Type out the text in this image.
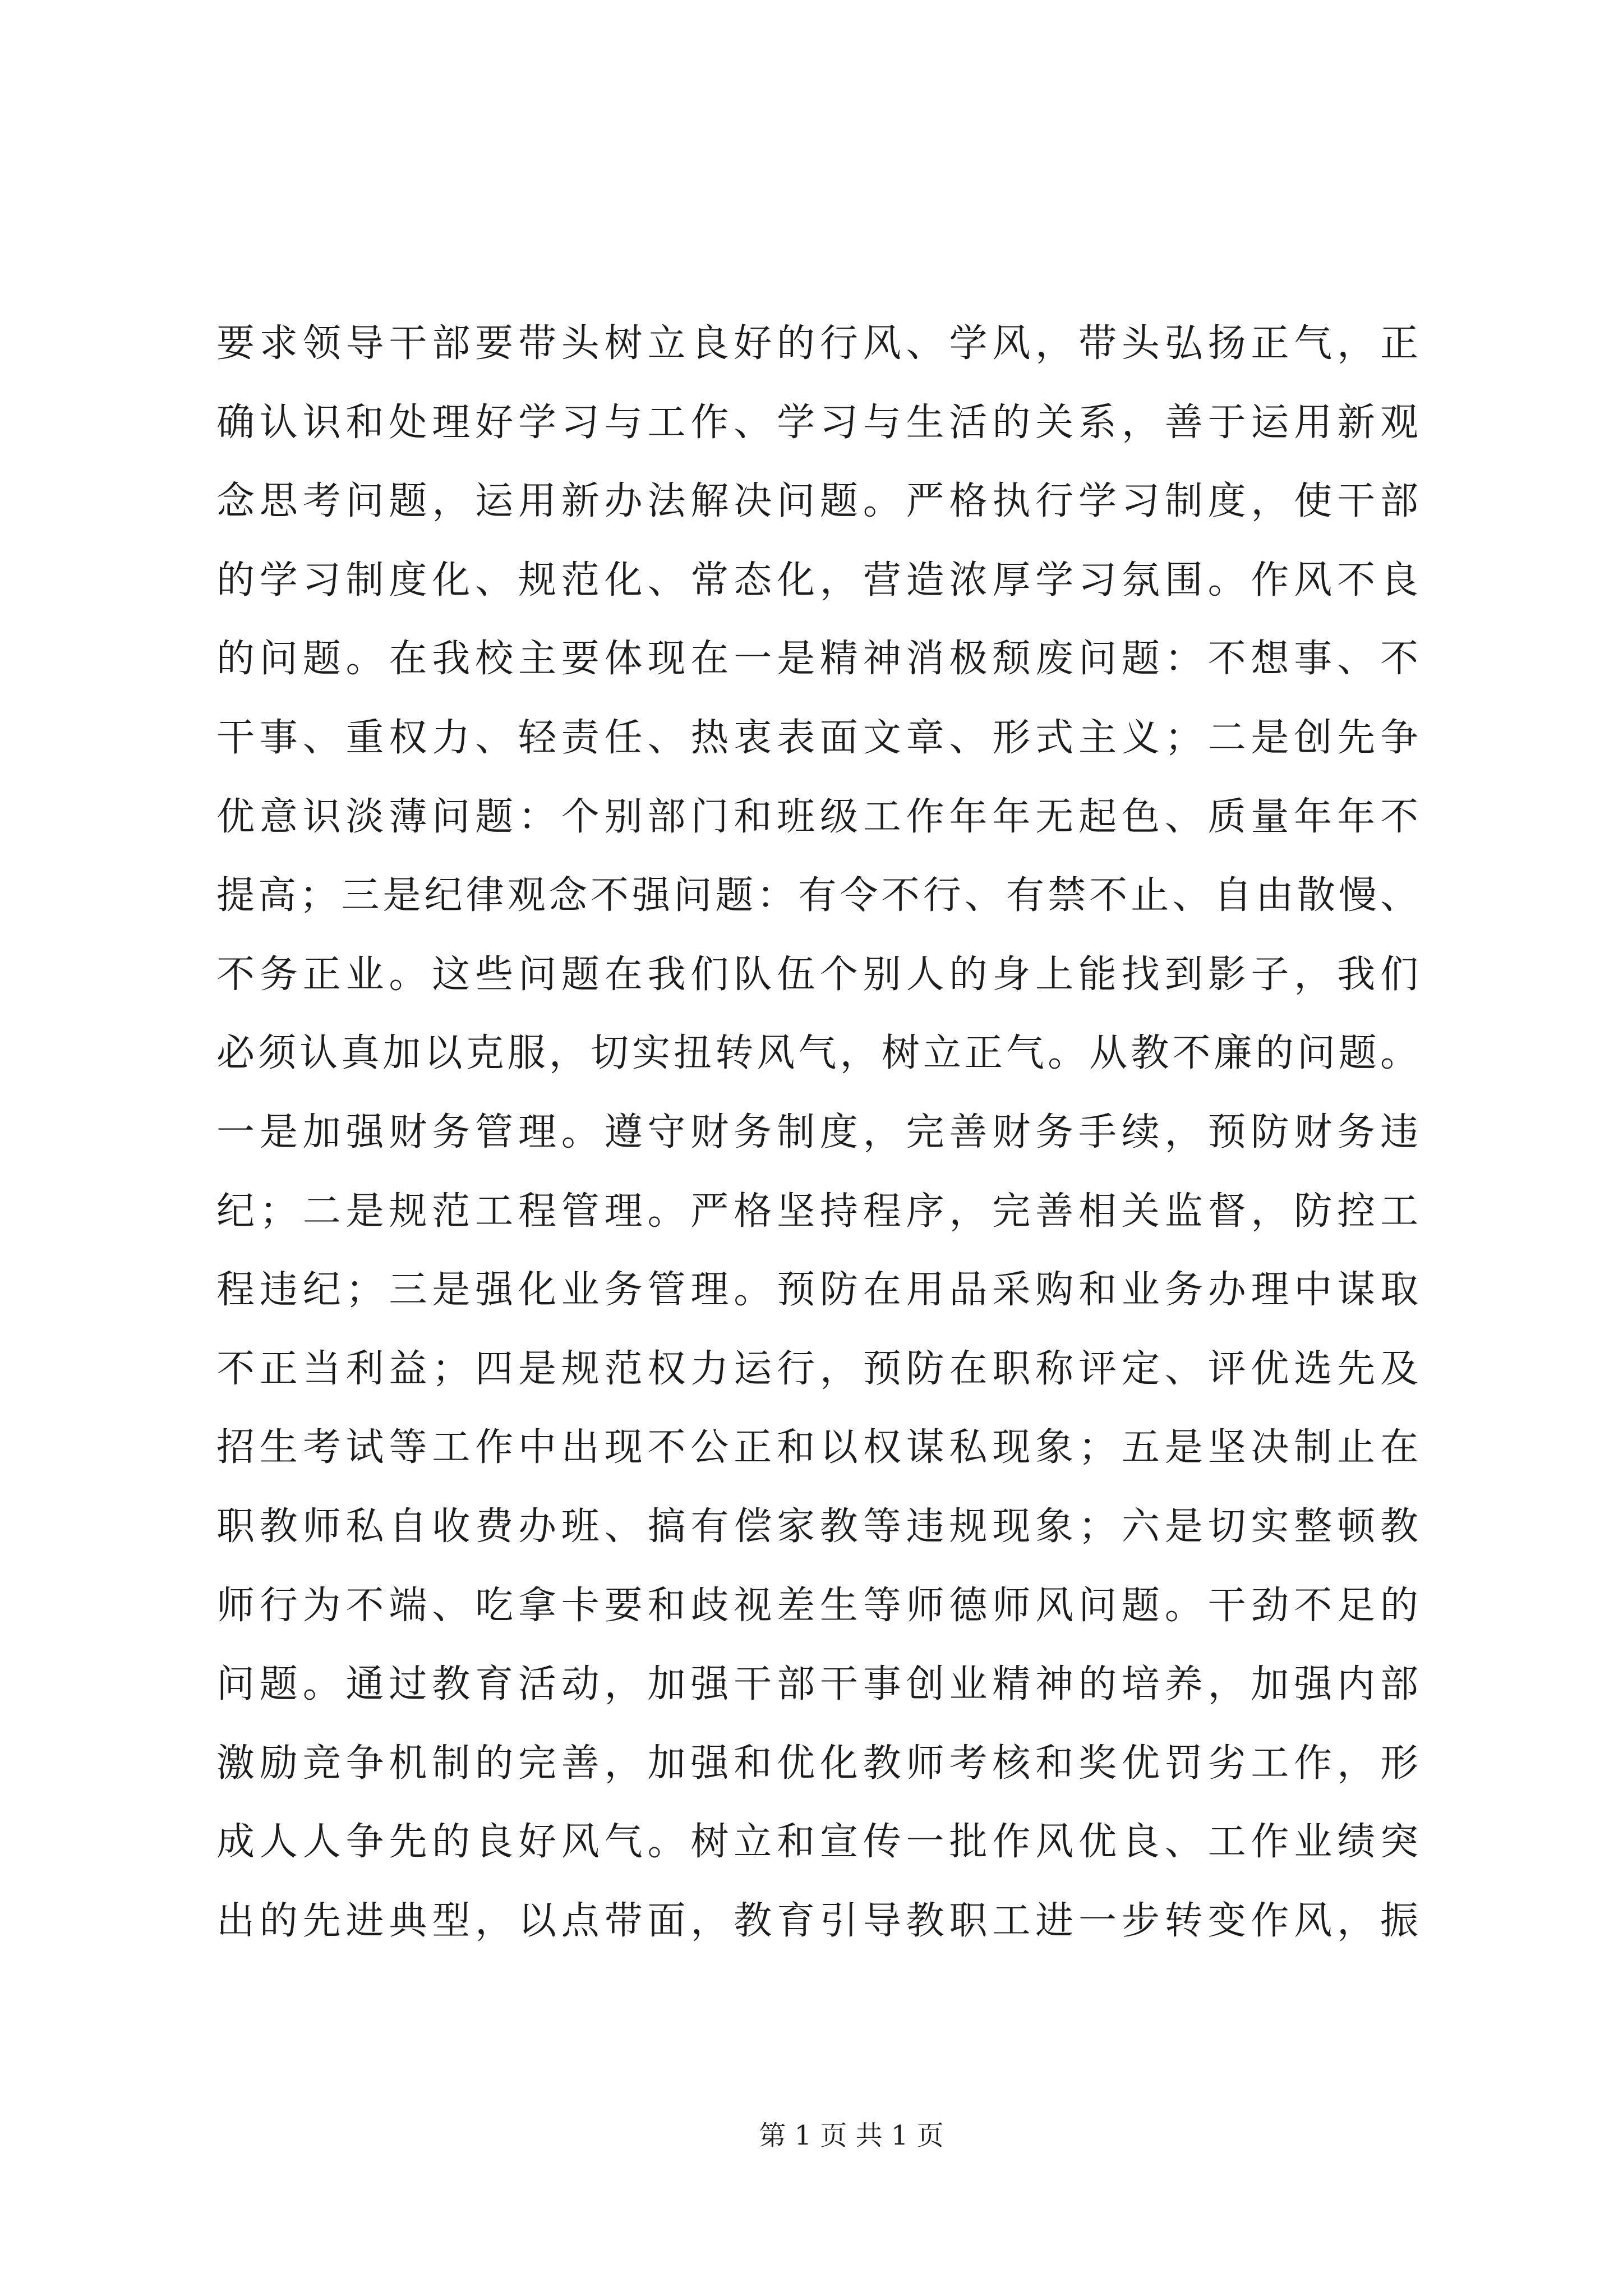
要求领导干部要带头树立良好的行风、学风，带头弘扬正气，正
确认识和处理好学习与工作、学习与生活的关系，善于运用新观
念思考问题，运用新办法解决问题。严格执行学习制度，使干部
的学习制度化、规范化、常态化，营造浓厚学习氛围。作风不良
的问题。在我校主要体现在一是精神消极颓废问题：不想事、不
干事、重权力、轻责任、热衷表面文章、形式主义；二是创先争
优意识淡薄问题：个别部门和班级工作年年无起色、质量年年不
提高；三是纪律观念不强问题：有令不行、有禁不止、自由散慢、
不务正业。这些问题在我们队伍个别人的身上能找到影子，我们
必须认真加以克服，切实扭转风气，树立正气。从教不廉的问题。
一是加强财务管理。遵守财务制度，完善财务手续，预防财务违
纪；二是规范工程管理。严格坚持程序，完善相关监督，防控工
程违纪；三是强化业务管理。预防在用品采购和业务办理中谋取
不正当利益；四是规范权力运行，预防在职称评定、评优选先及
招生考试等工作中出现不公正和以权谋私现象；五是坚决制止在
职教师私自收费办班、搞有偿家教等违规现象；六是切实整顿教
师行为不端、吃拿卡要和歧视差生等师德师风问题。干劲不足的
问题。通过教育活动，加强干部干事创业精神的培养，加强内部
激励竞争机制的完善，加强和优化教师考核和奖优罚劣工作，形
成人人争先的良好风气。树立和宣传一批作风优良、工作业绩突
出的先进典型，以点带面，教育引导教职工进一步转变作风，振
第 1 页 共 1 页
